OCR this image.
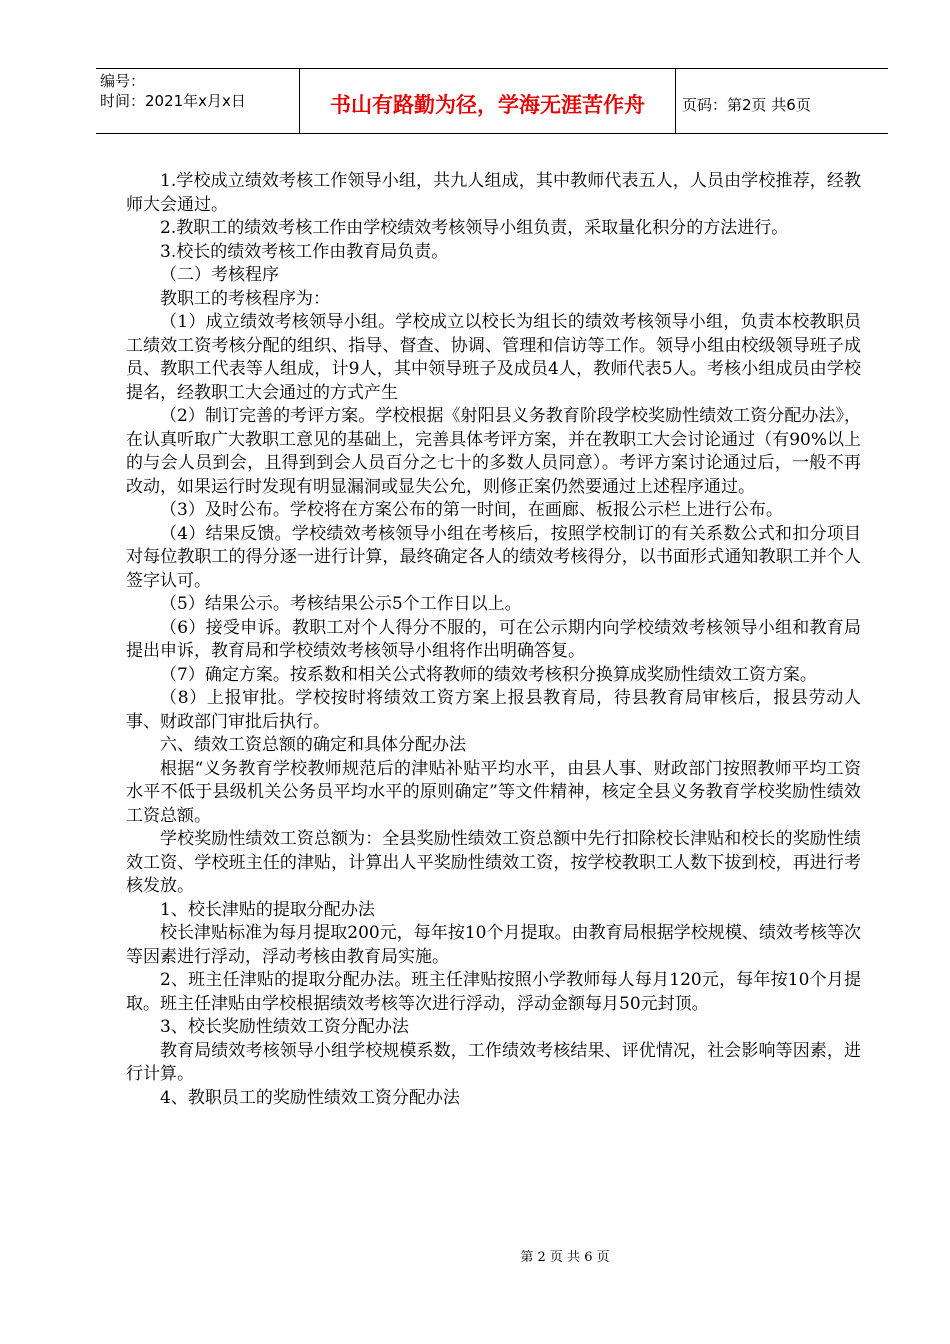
编号：
时间：2021年x月x日	书山有路勤为径，学海无涯苦作舟	页码：第2页 共6页

1.学校成立绩效考核工作领导小组，共九人组成，其中教师代表五人，人员由学校推荐，经教师大会通过。

2.教职工的绩效考核工作由学校绩效考核领导小组负责，采取量化积分的方法进行。

3.校长的绩效考核工作由教育局负责。

（二）考核程序

教职工的考核程序为：

（1）成立绩效考核领导小组。学校成立以校长为组长的绩效考核领导小组，负责本校教职员工绩效工资考核分配的组织、指导、督查、协调、管理和信访等工作。领导小组由校级领导班子成员、教职工代表等人组成，计9人，其中领导班子及成员4人，教师代表5人。考核小组成员由学校提名，经教职工大会通过的方式产生

（2）制订完善的考评方案。学校根据《射阳县义务教育阶段学校奖励性绩效工资分配办法》，在认真听取广大教职工意见的基础上，完善具体考评方案，并在教职工大会讨论通过（有90%以上的与会人员到会，且得到到会人员百分之七十的多数人员同意）。考评方案讨论通过后，一般不再改动，如果运行时发现有明显漏洞或显失公允，则修正案仍然要通过上述程序通过。

（3）及时公布。学校将在方案公布的第一时间，在画廊、板报公示栏上进行公布。

（4）结果反馈。学校绩效考核领导小组在考核后，按照学校制订的有关系数公式和扣分项目对每位教职工的得分逐一进行计算，最终确定各人的绩效考核得分，以书面形式通知教职工并个人签字认可。

（5）结果公示。考核结果公示5个工作日以上。

（6）接受申诉。教职工对个人得分不服的，可在公示期内向学校绩效考核领导小组和教育局提出申诉，教育局和学校绩效考核领导小组将作出明确答复。

（7）确定方案。按系数和相关公式将教师的绩效考核积分换算成奖励性绩效工资方案。

（8）上报审批。学校按时将绩效工资方案上报县教育局，待县教育局审核后，报县劳动人事、财政部门审批后执行。

六、绩效工资总额的确定和具体分配办法

根据“义务教育学校教师规范后的津贴补贴平均水平，由县人事、财政部门按照教师平均工资水平不低于县级机关公务员平均水平的原则确定”等文件精神，核定全县义务教育学校奖励性绩效工资总额。

学校奖励性绩效工资总额为：全县奖励性绩效工资总额中先行扣除校长津贴和校长的奖励性绩效工资、学校班主任的津贴，计算出人平奖励性绩效工资，按学校教职工人数下拔到校，再进行考核发放。

1、校长津贴的提取分配办法

校长津贴标准为每月提取200元，每年按10个月提取。由教育局根据学校规模、绩效考核等次等因素进行浮动，浮动考核由教育局实施。

2、班主任津贴的提取分配办法。班主任津贴按照小学教师每人每月120元，每年按10个月提取。班主任津贴由学校根据绩效考核等次进行浮动，浮动金额每月50元封顶。

3、校长奖励性绩效工资分配办法

教育局绩效考核领导小组学校规模系数，工作绩效考核结果、评优情况，社会影响等因素，进行计算。

4、教职员工的奖励性绩效工资分配办法

第 2 页 共 6 页
